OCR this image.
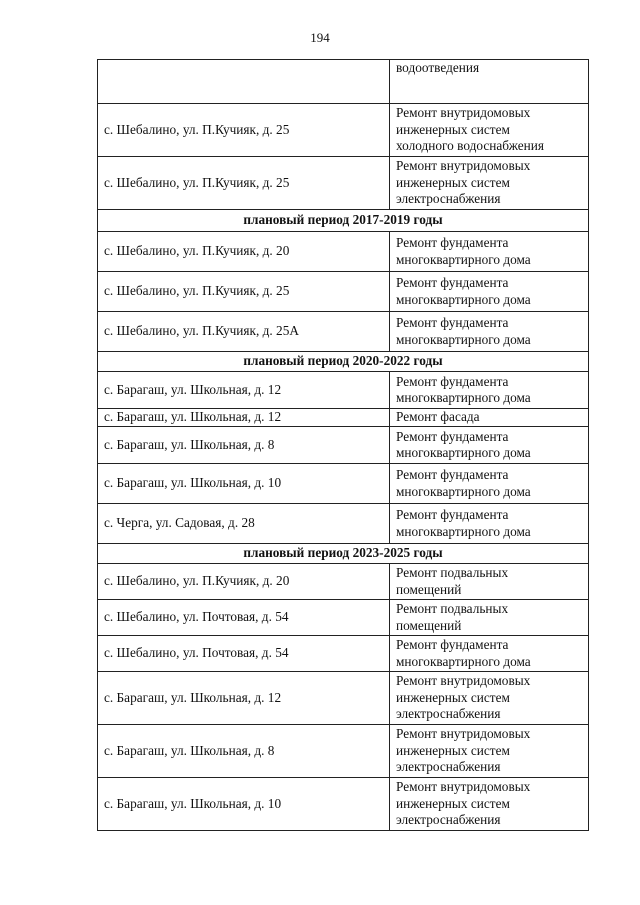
194

	водоотведения

с. Шебалино, ул. П.Кучияк, д. 25	Ремонт внутридомовых
инженерных систем
холодного водоснабжения

с. Шебалино, ул. П.Кучияк, д. 25	Ремонт внутридомовых
инженерных систем
электроснабжения

плановый период 2017-2019 годы	
с. Шебалино, ул. П.Кучияк, д. 20	Ремонт фундамента
многоквартирного дома

с. Шебалино, ул. П.Кучияк, д. 25	Ремонт фундамента
многоквартирного дома

с. Шебалино, ул. П.Кучияк, д. 25А	Ремонт фундамента
многоквартирного дома

плановый период 2020-2022 годы	
с. Барагаш, ул. Школьная, д. 12	Ремонт фундамента
многоквартирного дома

с. Барагаш, ул. Школьная, д. 12	Ремонт фасада

с. Барагаш, ул. Школьная, д. 8	Ремонт фундамента
многоквартирного дома

с. Барагаш, ул. Школьная, д. 10	Ремонт фундамента
многоквартирного дома

с. Черга, ул. Садовая, д. 28	Ремонт фундамента
многоквартирного дома

плановый период 2023-2025 годы	
с. Шебалино, ул. П.Кучияк, д. 20	Ремонт подвальных
помещений

с. Шебалино, ул. Почтовая, д. 54	Ремонт подвальных
помещений

с. Шебалино, ул. Почтовая, д. 54	Ремонт фундамента
многоквартирного дома

с. Барагаш, ул. Школьная, д. 12	Ремонт внутридомовых
инженерных систем
электроснабжения

с. Барагаш, ул. Школьная, д. 8	Ремонт внутридомовых
инженерных систем
электроснабжения

с. Барагаш, ул. Школьная, д. 10	Ремонт внутридомовых
инженерных систем
электроснабжения
